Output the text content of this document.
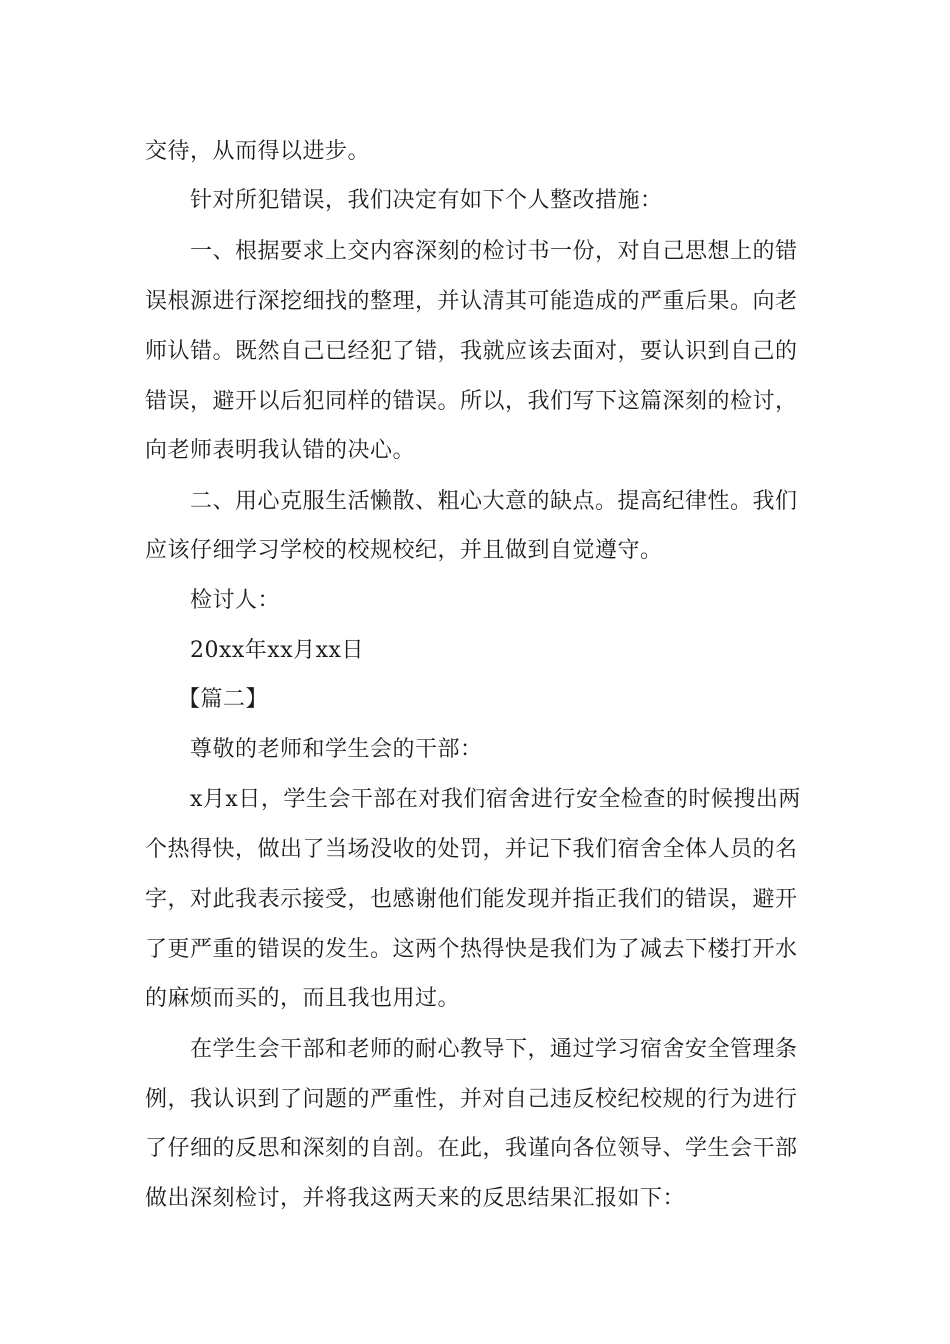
交待，从而得以进步。
针对所犯错误，我们决定有如下个人整改措施：
一、根据要求上交内容深刻的检讨书一份，对自己思想上的错
误根源进行深挖细找的整理，并认清其可能造成的严重后果。向老
师认错。既然自己已经犯了错，我就应该去面对，要认识到自己的
错误，避开以后犯同样的错误。所以，我们写下这篇深刻的检讨，
向老师表明我认错的决心。
二、用心克服生活懒散、粗心大意的缺点。提高纪律性。我们
应该仔细学习学校的校规校纪，并且做到自觉遵守。
检讨人：
20xx年xx月xx日
【篇二】
尊敬的老师和学生会的干部：
x月x日，学生会干部在对我们宿舍进行安全检查的时候搜出两
个热得快，做出了当场没收的处罚，并记下我们宿舍全体人员的名
字，对此我表示接受，也感谢他们能发现并指正我们的错误，避开
了更严重的错误的发生。这两个热得快是我们为了减去下楼打开水
的麻烦而买的，而且我也用过。
在学生会干部和老师的耐心教导下，通过学习宿舍安全管理条
例，我认识到了问题的严重性，并对自己违反校纪校规的行为进行
了仔细的反思和深刻的自剖。在此，我谨向各位领导、学生会干部
做出深刻检讨，并将我这两天来的反思结果汇报如下：
